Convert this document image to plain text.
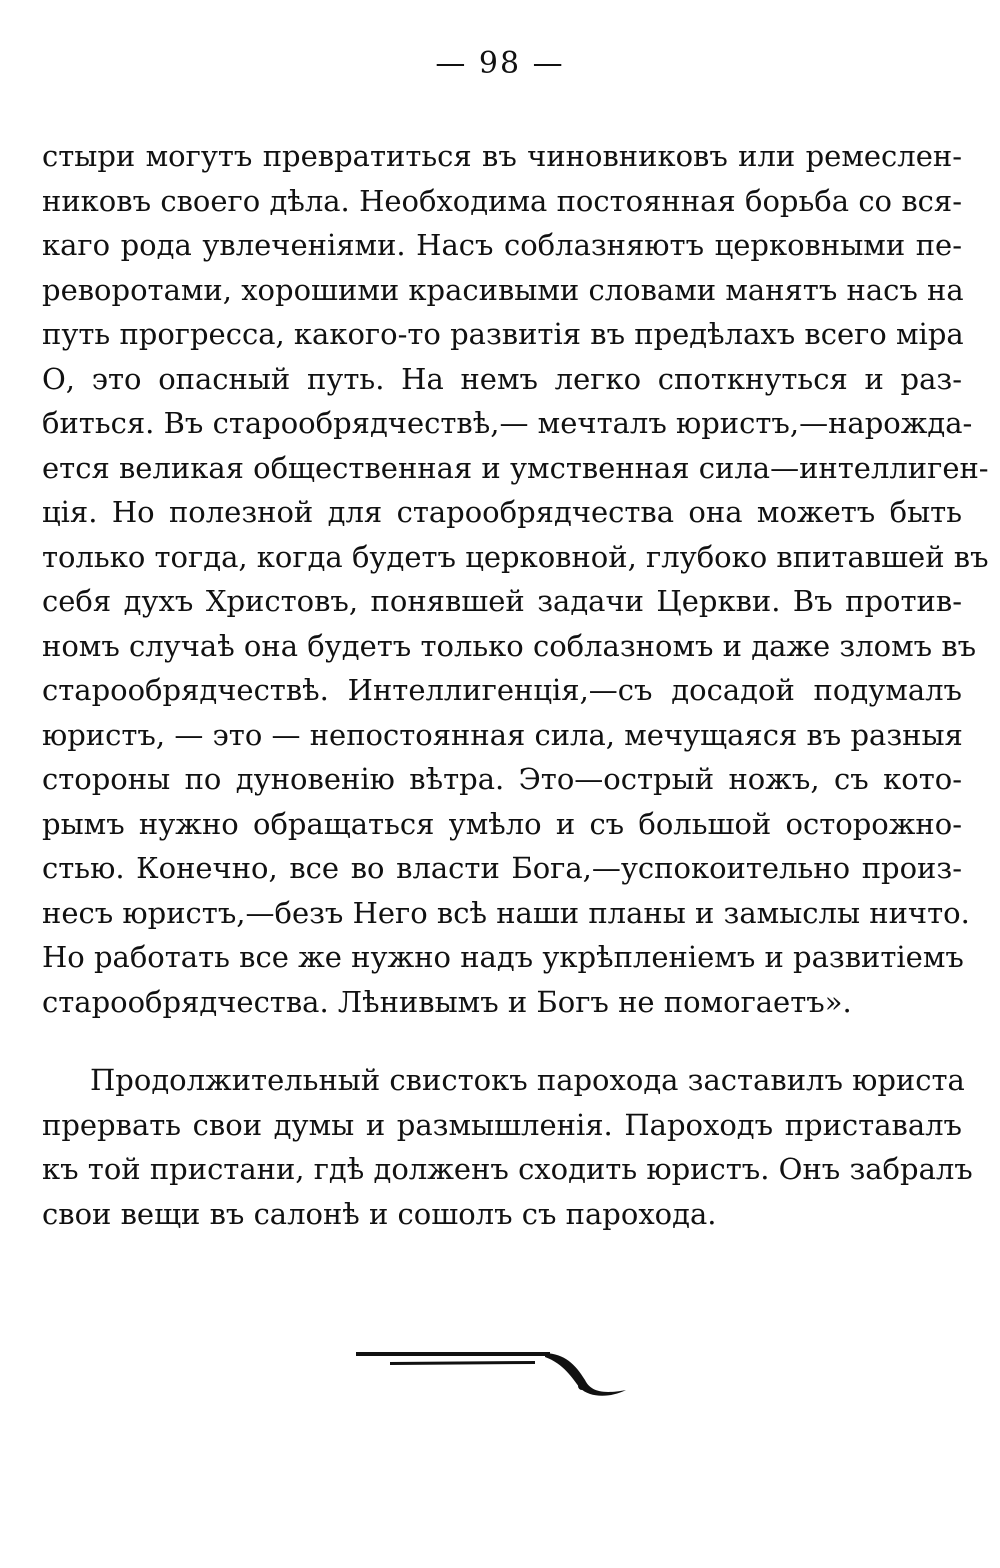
— 98 —
стыри могутъ превратиться въ чиновниковъ или ремеслен-
никовъ своего дѣла. Необходима постоянная борьба со вся-
каго рода увлеченіями. Насъ соблазняютъ церковными пе-
реворотами, хорошими красивыми словами манятъ насъ на
путь прогресса, какого-то развитія въ предѣлахъ всего міра
О, это опасный путь. На немъ легко споткнуться и раз-
биться. Въ старообрядчествѣ,— мечталъ юристъ,—нарожда-
ется великая общественная и умственная сила—интеллиген-
ція. Но полезной для старообрядчества она можетъ быть
только тогда, когда будетъ церковной, глубоко впитавшей въ
себя духъ Христовъ, понявшей задачи Церкви. Въ против-
номъ случаѣ она будетъ только соблазномъ и даже зломъ въ
старообрядчествѣ. Интеллигенція,—съ досадой подумалъ
юристъ, — это — непостоянная сила, мечущаяся въ разныя
стороны по дуновенію вѣтра. Это—острый ножъ, съ кото-
рымъ нужно обращаться умѣло и съ большой осторожно-
стью. Конечно, все во власти Бога,—успокоительно произ-
несъ юристъ,—безъ Него всѣ наши планы и замыслы ничто.
Но работать все же нужно надъ укрѣпленіемъ и развитіемъ
старообрядчества. Лѣнивымъ и Богъ не помогаетъ».
Продолжительный свистокъ парохода заставилъ юриста
прервать свои думы и размышленія. Пароходъ приставалъ
къ той пристани, гдѣ долженъ сходить юристъ. Онъ забралъ
свои вещи въ салонѣ и сошолъ съ парохода.
